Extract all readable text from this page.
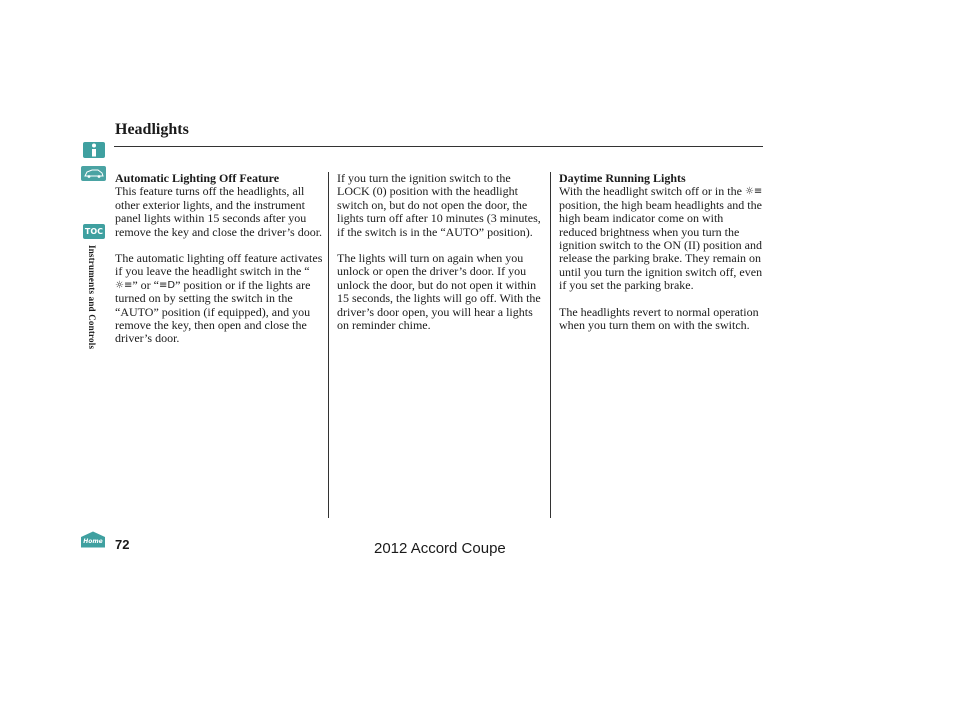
Headlights
TOC
Instruments and Controls

Automatic Lighting Off Feature
This feature turns off the headlights, all other exterior lights, and the instrument panel lights within 15 seconds after you remove the key and close the driver’s door.

The automatic lighting off feature activates if you leave the headlight switch in the “☼≡” or “≡D” position or if the lights are turned on by setting the switch in the “AUTO” position (if equipped), and you remove the key, then open and close the driver’s door.

If you turn the ignition switch to the LOCK (0) position with the headlight switch on, but do not open the door, the lights turn off after 10 minutes (3 minutes, if the switch is in the “AUTO” position).

The lights will turn on again when you unlock or open the driver’s door. If you unlock the door, but do not open it within 15 seconds, the lights will go off. With the driver’s door open, you will hear a lights on reminder chime.

Daytime Running Lights
With the headlight switch off or in the ☼≡ position, the high beam headlights and the high beam indicator come on with reduced brightness when you turn the ignition switch to the ON (II) position and release the parking brake. They remain on until you turn the ignition switch off, even if you set the parking brake.

The headlights revert to normal operation when you turn them on with the switch.

Home 72	2012 Accord Coupe
